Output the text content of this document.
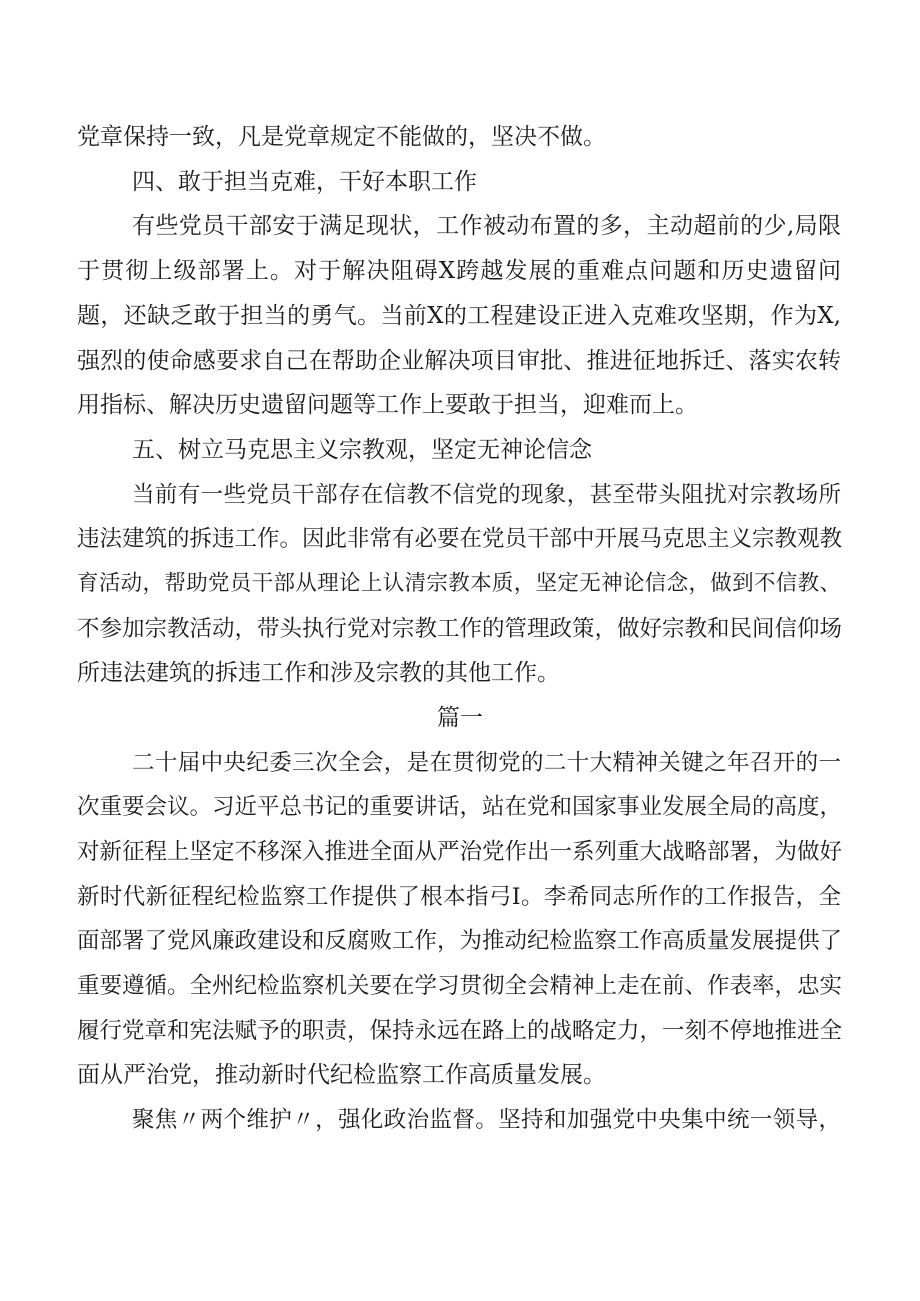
党章保持一致，凡是党章规定不能做的，坚决不做。
四、敢于担当克难，干好本职工作
有些党员干部安于满足现状，工作被动布置的多，主动超前的少,局限
于贯彻上级部署上。对于解决阻碍X跨越发展的重难点问题和历史遗留问
题，还缺乏敢于担当的勇气。当前X的工程建设正进入克难攻坚期，作为X,
强烈的使命感要求自己在帮助企业解决项目审批、推进征地拆迁、落实农转
用指标、解决历史遗留问题等工作上要敢于担当，迎难而上。
五、树立马克思主义宗教观，坚定无神论信念
当前有一些党员干部存在信教不信党的现象，甚至带头阻扰对宗教场所
违法建筑的拆违工作。因此非常有必要在党员干部中开展马克思主义宗教观教
育活动，帮助党员干部从理论上认清宗教本质，坚定无神论信念，做到不信教、
不参加宗教活动，带头执行党对宗教工作的管理政策，做好宗教和民间信仰场
所违法建筑的拆违工作和涉及宗教的其他工作。
篇一
二十届中央纪委三次全会，是在贯彻党的二十大精神关键之年召开的一
次重要会议。习近平总书记的重要讲话，站在党和国家事业发展全局的高度，
对新征程上坚定不移深入推进全面从严治党作出一系列重大战略部署，为做好
新时代新征程纪检监察工作提供了根本指弓I。李希同志所作的工作报告，全
面部署了党风廉政建设和反腐败工作，为推动纪检监察工作高质量发展提供了
重要遵循。全州纪检监察机关要在学习贯彻全会精神上走在前、作表率，忠实
履行党章和宪法赋予的职责，保持永远在路上的战略定力，一刻不停地推进全
面从严治党，推动新时代纪检监察工作高质量发展。
聚焦〃两个维护〃，强化政治监督。坚持和加强党中央集中统一领导，
